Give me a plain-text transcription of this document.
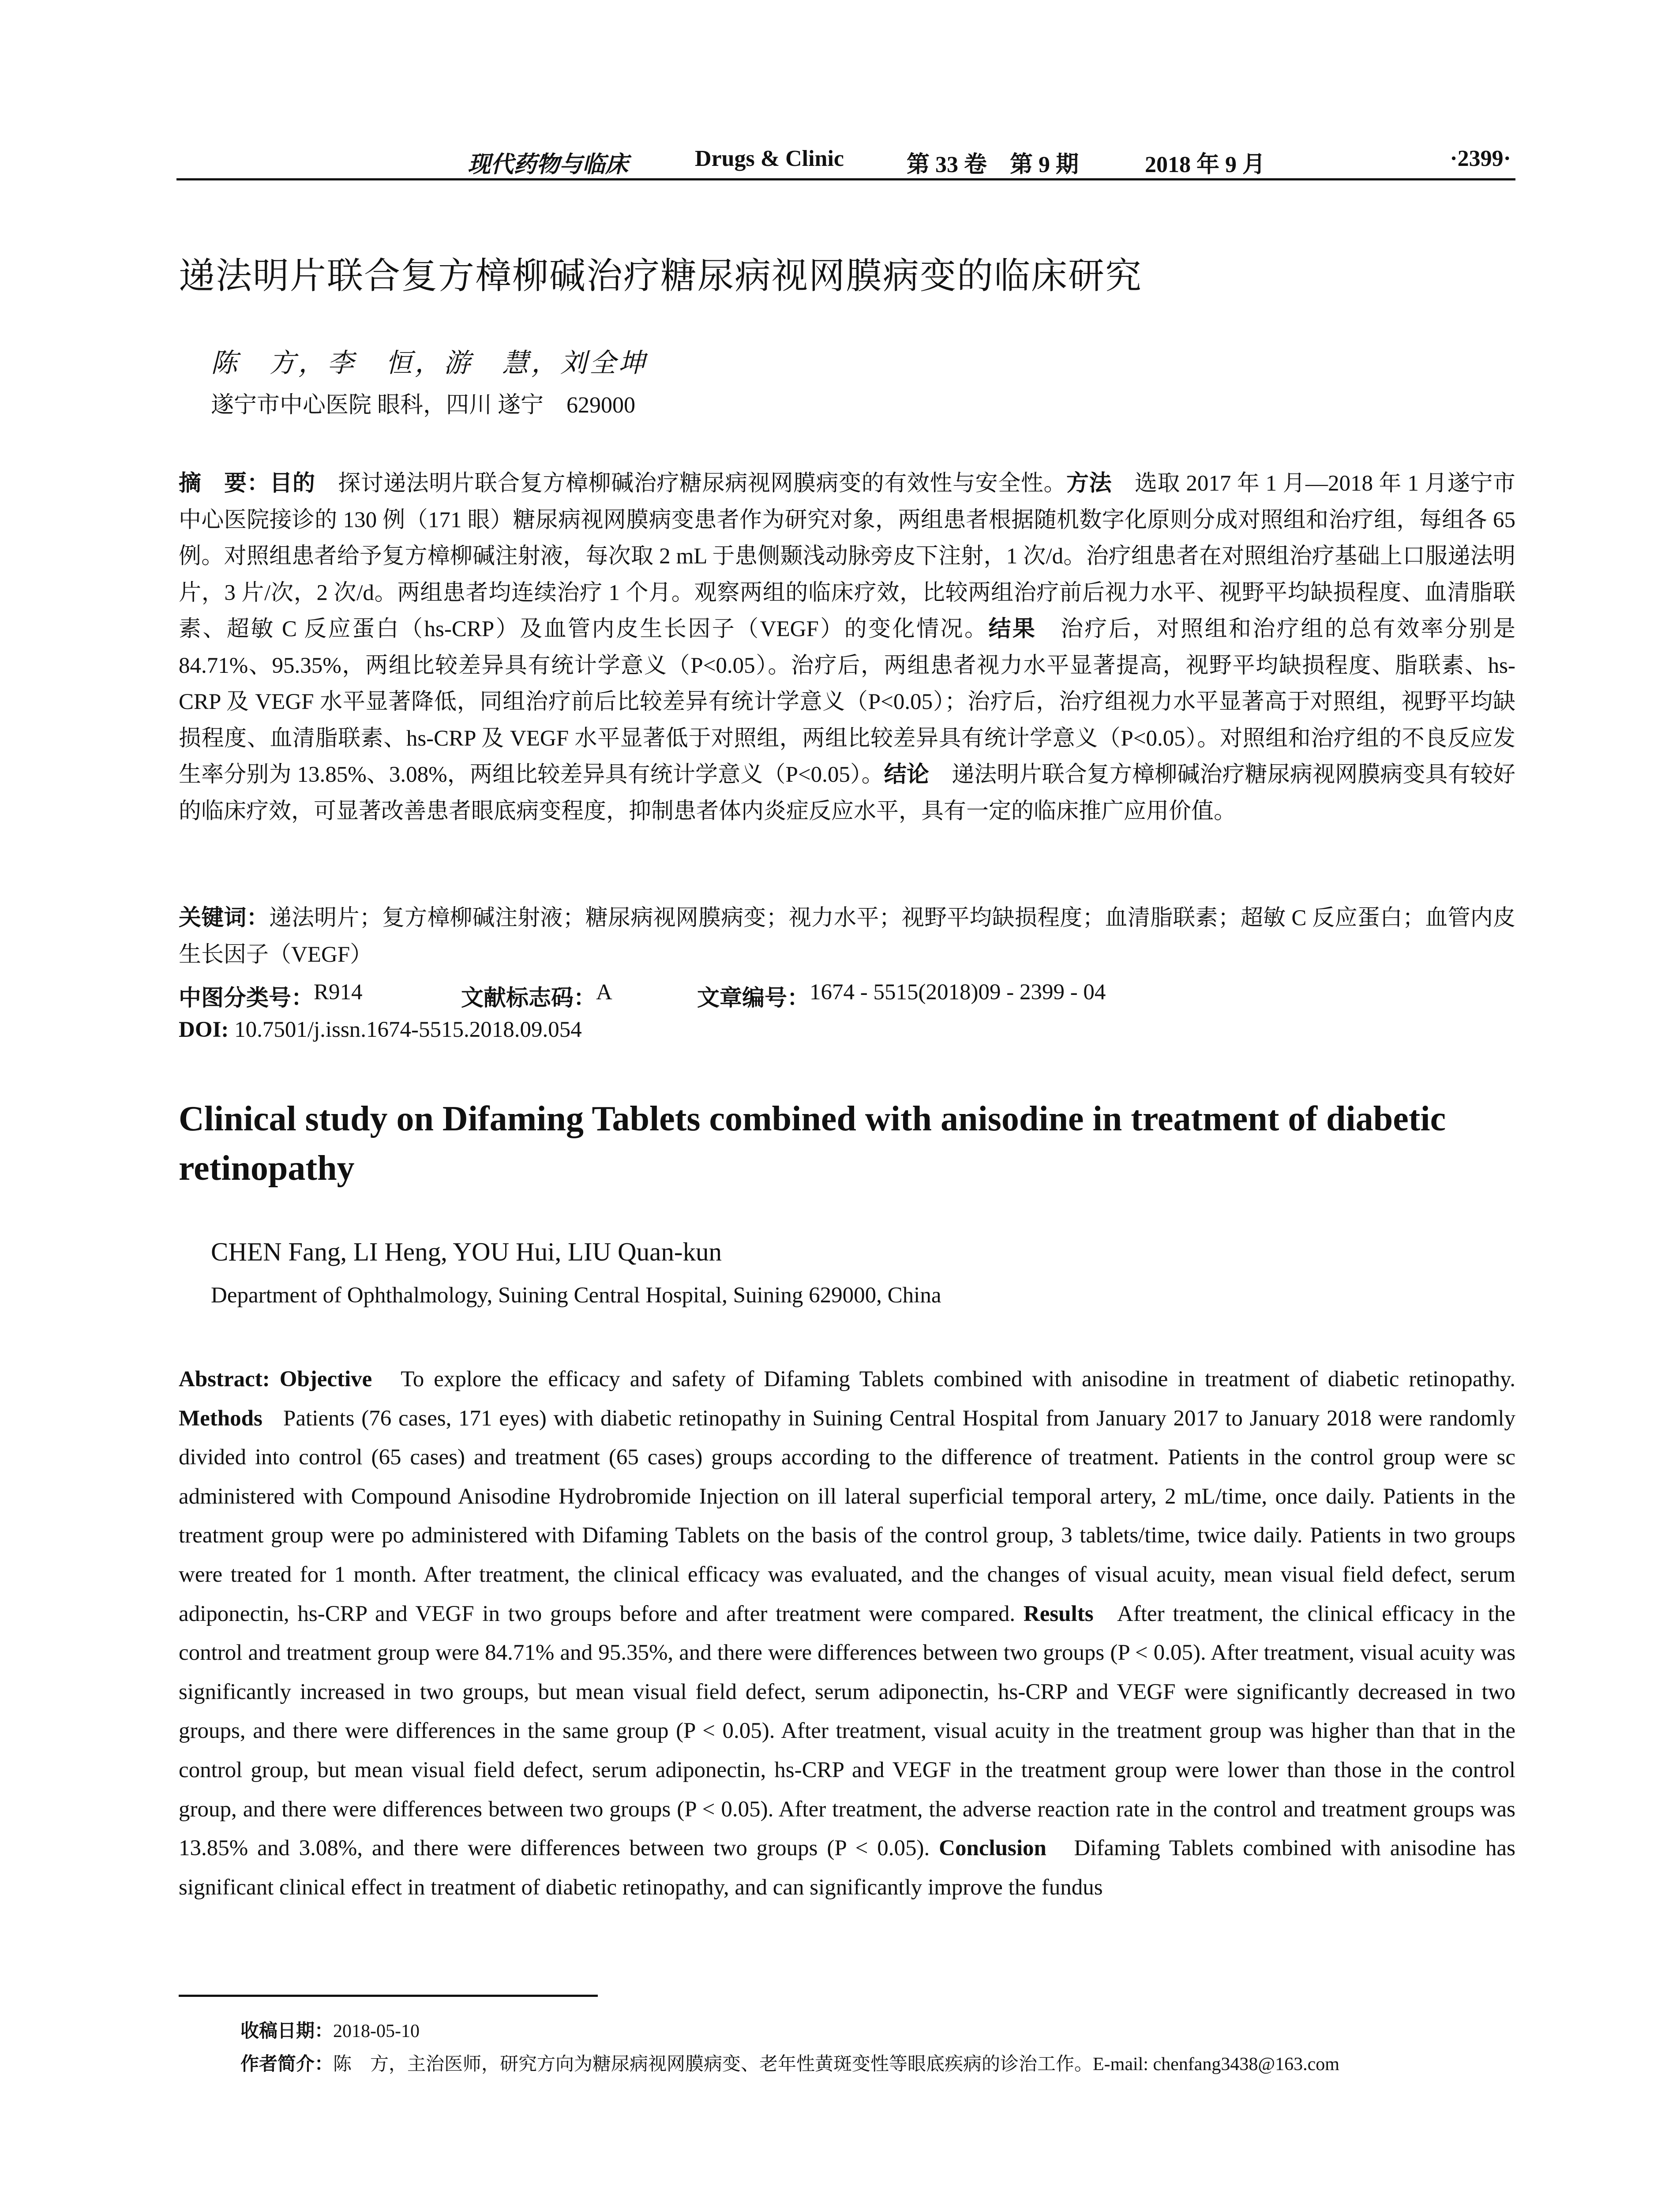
现代药物与临床	Drugs & Clinic	第 33 卷　第 9 期	2018 年 9 月	·2399·
递法明片联合复方樟柳碱治疗糖尿病视网膜病变的临床研究
陈　方，李　恒，游　慧，刘全坤
遂宁市中心医院 眼科，四川 遂宁　629000
摘　要：目的　 探讨递法明片联合复方樟柳碱治疗糖尿病视网膜病变的有效性与安全性。方法　 选取 2017 年 1 月—2018 年 1 月遂宁市中心医院接诊的 130 例（171 眼）糖尿病视网膜病变患者作为研究对象，两组患者根据随机数字化原则分成对照组和治疗组，每组各 65 例。对照组患者给予复方樟柳碱注射液，每次取 2 mL 于患侧颞浅动脉旁皮下注射，1 次/d。治疗组患者在对照组治疗基础上口服递法明片，3 片/次，2 次/d。两组患者均连续治疗 1 个月。观察两组的临床疗效，比较两组治疗前后视力水平、视野平均缺损程度、血清脂联素、超敏 C 反应蛋白（hs-CRP）及血管内皮生长因子（VEGF）的变化情况。结果　 治疗后，对照组和治疗组的总有效率分别是 84.71%、95.35%，两组比较差异具有统计学意义（P<0.05）。治疗后，两组患者视力水平显著提高，视野平均缺损程度、脂联素、hs-CRP 及 VEGF 水平显著降低，同组治疗前后比较差异有统计学意义（P<0.05）；治疗后，治疗组视力水平显著高于对照组，视野平均缺损程度、血清脂联素、hs-CRP 及 VEGF 水平显著低于对照组，两组比较差异具有统计学意义（P<0.05）。对照组和治疗组的不良反应发生率分别为 13.85%、3.08%，两组比较差异具有统计学意义（P<0.05）。结论　 递法明片联合复方樟柳碱治疗糖尿病视网膜病变具有较好的临床疗效，可显著改善患者眼底病变程度，抑制患者体内炎症反应水平，具有一定的临床推广应用价值。
关键词：递法明片；复方樟柳碱注射液；糖尿病视网膜病变；视力水平；视野平均缺损程度；血清脂联素；超敏 C 反应蛋白；血管内皮生长因子（VEGF）
中图分类号： R914	文献标志码： A	文章编号： 1674 - 5515(2018)09 - 2399 - 04
DOI: 10.7501/j.issn.1674-5515.2018.09.054
Clinical study on Difaming Tablets combined with anisodine in treatment of diabetic retinopathy
CHEN Fang, LI Heng, YOU Hui, LIU Quan-kun
Department of Ophthalmology, Suining Central Hospital, Suining 629000, China
Abstract: Objective To explore the efficacy and safety of Difaming Tablets combined with anisodine in treatment of diabetic retinopathy. Methods Patients (76 cases, 171 eyes) with diabetic retinopathy in Suining Central Hospital from January 2017 to January 2018 were randomly divided into control (65 cases) and treatment (65 cases) groups according to the difference of treatment. Patients in the control group were sc administered with Compound Anisodine Hydrobromide Injection on ill lateral superficial temporal artery, 2 mL/time, once daily. Patients in the treatment group were po administered with Difaming Tablets on the basis of the control group, 3 tablets/time, twice daily. Patients in two groups were treated for 1 month. After treatment, the clinical efficacy was evaluated, and the changes of visual acuity, mean visual field defect, serum adiponectin, hs-CRP and VEGF in two groups before and after treatment were compared. Results After treatment, the clinical efficacy in the control and treatment group were 84.71% and 95.35%, and there were differences between two groups (P < 0.05). After treatment, visual acuity was significantly increased in two groups, but mean visual field defect, serum adiponectin, hs-CRP and VEGF were significantly decreased in two groups, and there were differences in the same group (P < 0.05). After treatment, visual acuity in the treatment group was higher than that in the control group, but mean visual field defect, serum adiponectin, hs-CRP and VEGF in the treatment group were lower than those in the control group, and there were differences between two groups (P < 0.05). After treatment, the adverse reaction rate in the control and treatment groups was 13.85% and 3.08%, and there were differences between two groups (P < 0.05). Conclusion Difaming Tablets combined with anisodine has significant clinical effect in treatment of diabetic retinopathy, and can significantly improve the fundus
收稿日期：2018-05-10
作者简介：陈　方，主治医师，研究方向为糖尿病视网膜病变、老年性黄斑变性等眼底疾病的诊治工作。E-mail: chenfang3438@163.com
